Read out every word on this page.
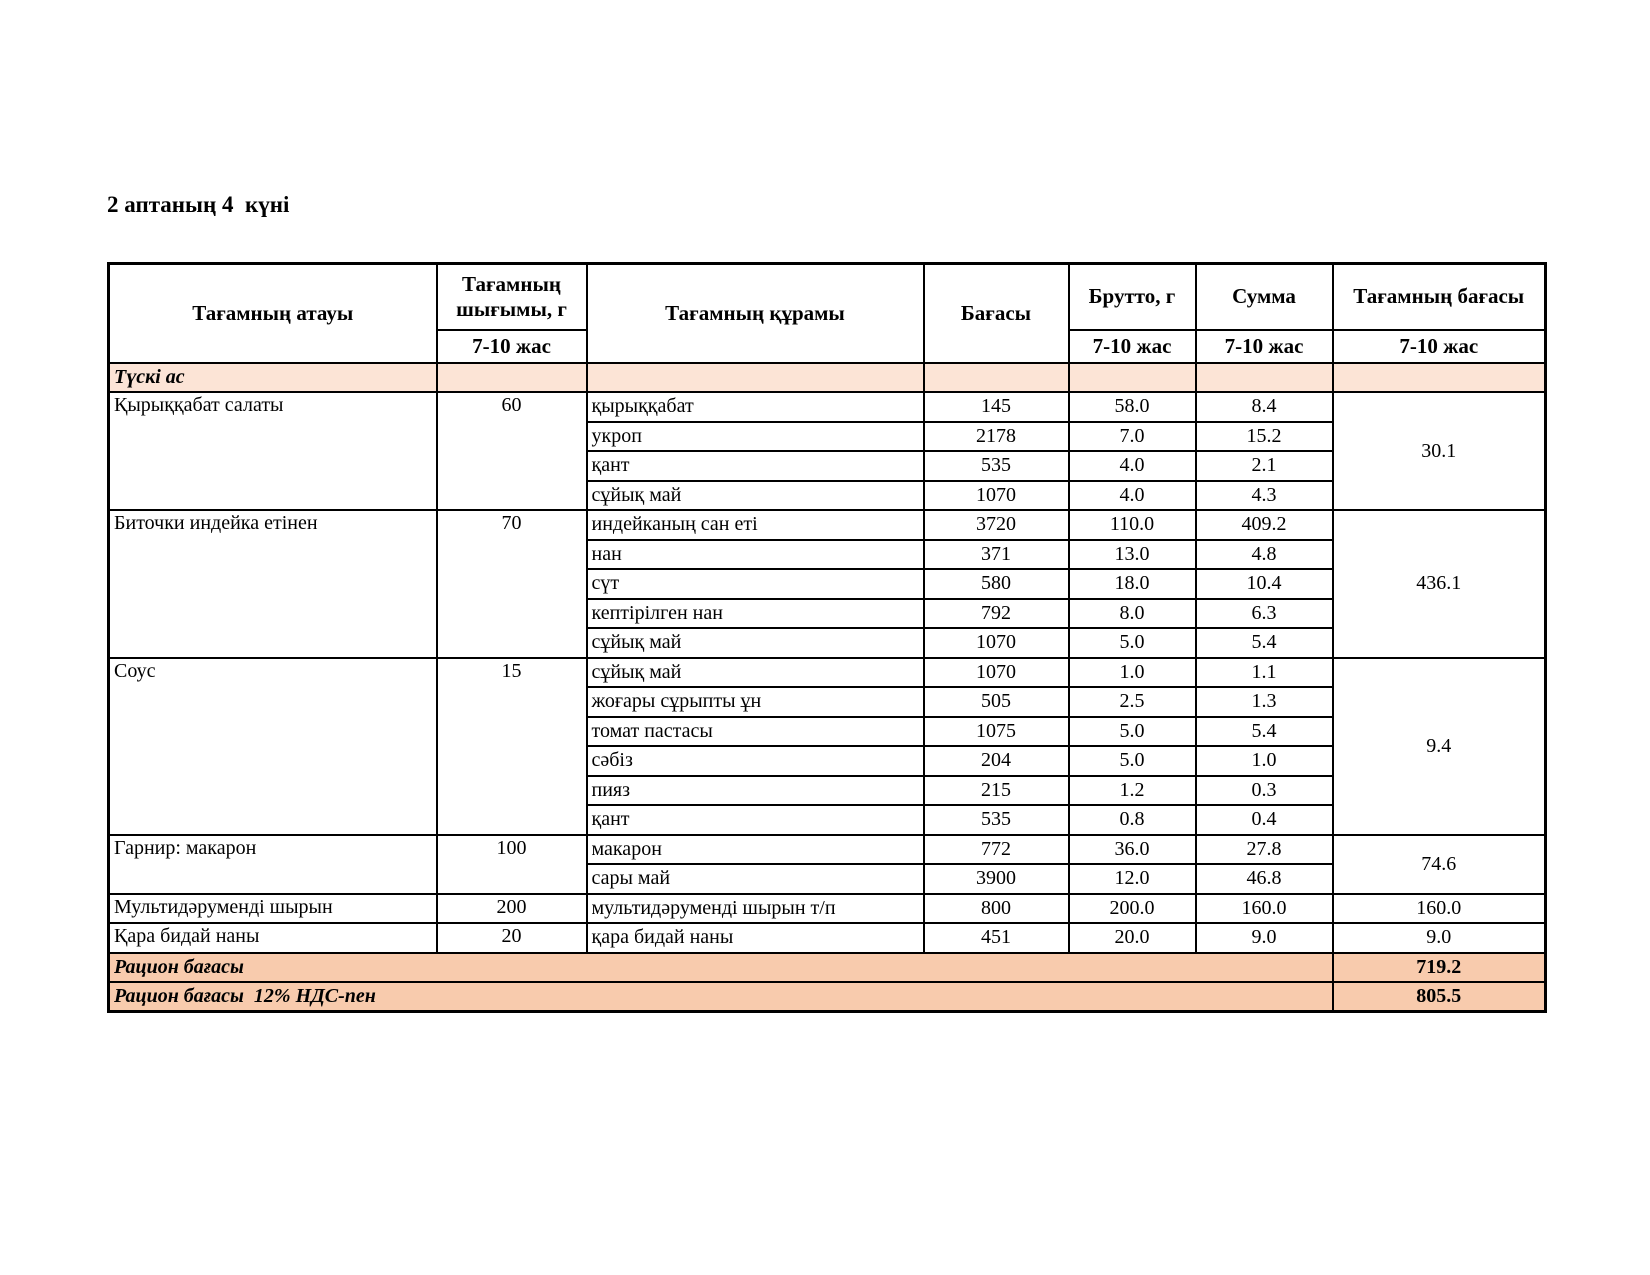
2 аптаның 4  күні
Тағамның атауы	Тағамның шығымы, г	Тағамның құрамы	Бағасы	Брутто, г	Сумма	Тағамның бағасы
	7-10 жас			7-10 жас	7-10 жас	7-10 жас
Түскі ас						
Қырыққабат салаты	60	қырыққабат	145	58.0	8.4	30.1
		укроп	2178	7.0	15.2	
		қант	535	4.0	2.1	
		сұйық май	1070	4.0	4.3	
Биточки индейка етінен	70	индейканың сан еті	3720	110.0	409.2	436.1
		нан	371	13.0	4.8	
		сүт	580	18.0	10.4	
		кептірілген нан	792	8.0	6.3	
		сұйық май	1070	5.0	5.4	
Соус	15	сұйық май	1070	1.0	1.1	9.4
		жоғары сұрыпты ұн	505	2.5	1.3	
		томат пастасы	1075	5.0	5.4	
		сәбіз	204	5.0	1.0	
		пияз	215	1.2	0.3	
		қант	535	0.8	0.4	
Гарнир: макарон	100	макарон	772	36.0	27.8	74.6
		сары май	3900	12.0	46.8	
Мультидәруменді шырын	200	мультидәруменді шырын т/п	800	200.0	160.0	160.0
Қара бидай наны	20	қара бидай наны	451	20.0	9.0	9.0
Рацион бағасы						719.2
Рацион бағасы  12% НДС-пен						805.5
